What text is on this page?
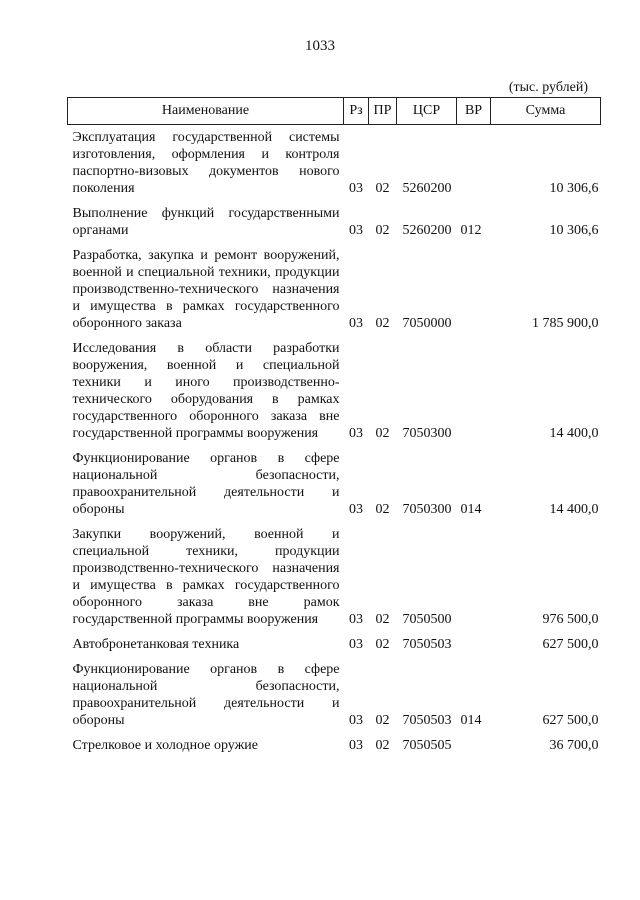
1033
(тыс. рублей)
Наименование	Рз	ПР	ЦСР	ВР	Сумма
Эксплуатация государственной системы изготовления, оформления и контроля паспортно-визовых документов нового поколения	03	02	5260200		10 306,6
Выполнение функций государственными органами	03	02	5260200	012	10 306,6
Разработка, закупка и ремонт вооружений, военной и специальной техники, продукции производственно-технического назначения и имущества в рамках государственного оборонного заказа	03	02	7050000		1 785 900,0
Исследования в области разработки вооружения, военной и специальной техники и иного производственно-технического оборудования в рамках государственного оборонного заказа вне государственной программы вооружения	03	02	7050300		14 400,0
Функционирование органов в сфере национальной безопасности, правоохранительной деятельности и обороны	03	02	7050300	014	14 400,0
Закупки вооружений, военной и специальной техники, продукции производственно-технического назначения и имущества в рамках государственного оборонного заказа вне рамок государственной программы вооружения	03	02	7050500		976 500,0
Автобронетанковая техника	03	02	7050503		627 500,0
Функционирование органов в сфере национальной безопасности, правоохранительной деятельности и обороны	03	02	7050503	014	627 500,0
Стрелковое и холодное оружие	03	02	7050505		36 700,0
